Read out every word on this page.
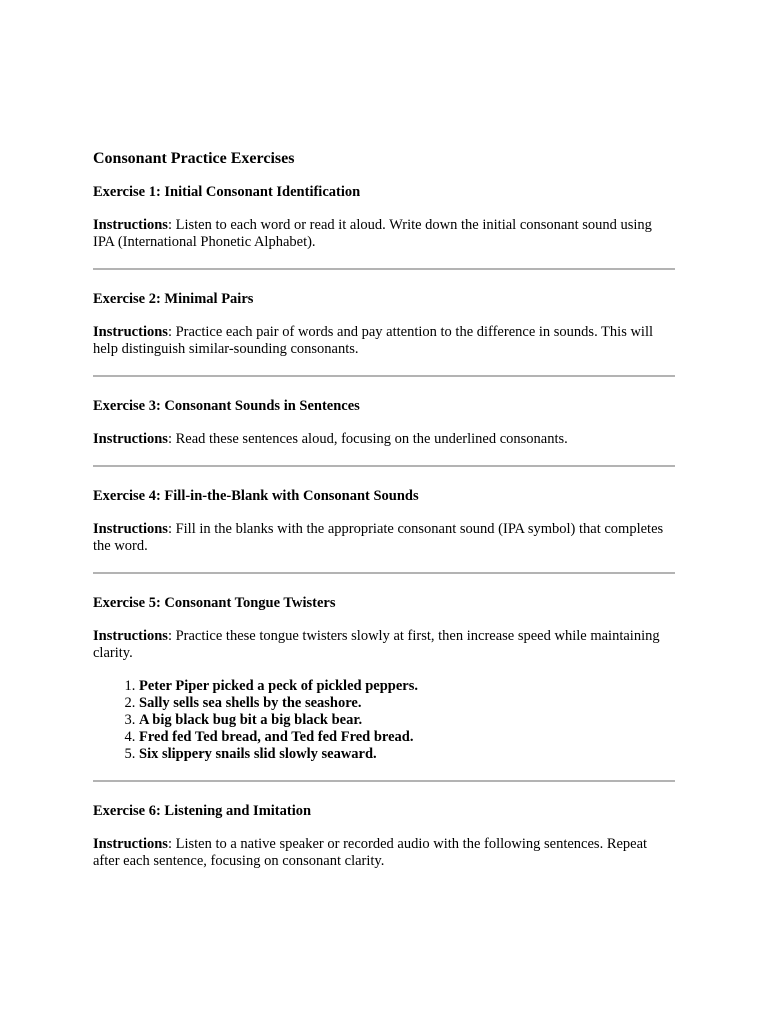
Consonant Practice Exercises
Exercise 1: Initial Consonant Identification

Instructions: Listen to each word or read it aloud. Write down the initial consonant sound using IPA (International Phonetic Alphabet).

Exercise 2: Minimal Pairs

Instructions: Practice each pair of words and pay attention to the difference in sounds. This will help distinguish similar-sounding consonants.

Exercise 3: Consonant Sounds in Sentences

Instructions: Read these sentences aloud, focusing on the underlined consonants.

Exercise 4: Fill-in-the-Blank with Consonant Sounds

Instructions: Fill in the blanks with the appropriate consonant sound (IPA symbol) that completes the word.

Exercise 5: Consonant Tongue Twisters

Instructions: Practice these tongue twisters slowly at first, then increase speed while maintaining clarity.

1. Peter Piper picked a peck of pickled peppers.
2. Sally sells sea shells by the seashore.
3. A big black bug bit a big black bear.
4. Fred fed Ted bread, and Ted fed Fred bread.
5. Six slippery snails slid slowly seaward.
Exercise 6: Listening and Imitation

Instructions: Listen to a native speaker or recorded audio with the following sentences. Repeat after each sentence, focusing on consonant clarity.
